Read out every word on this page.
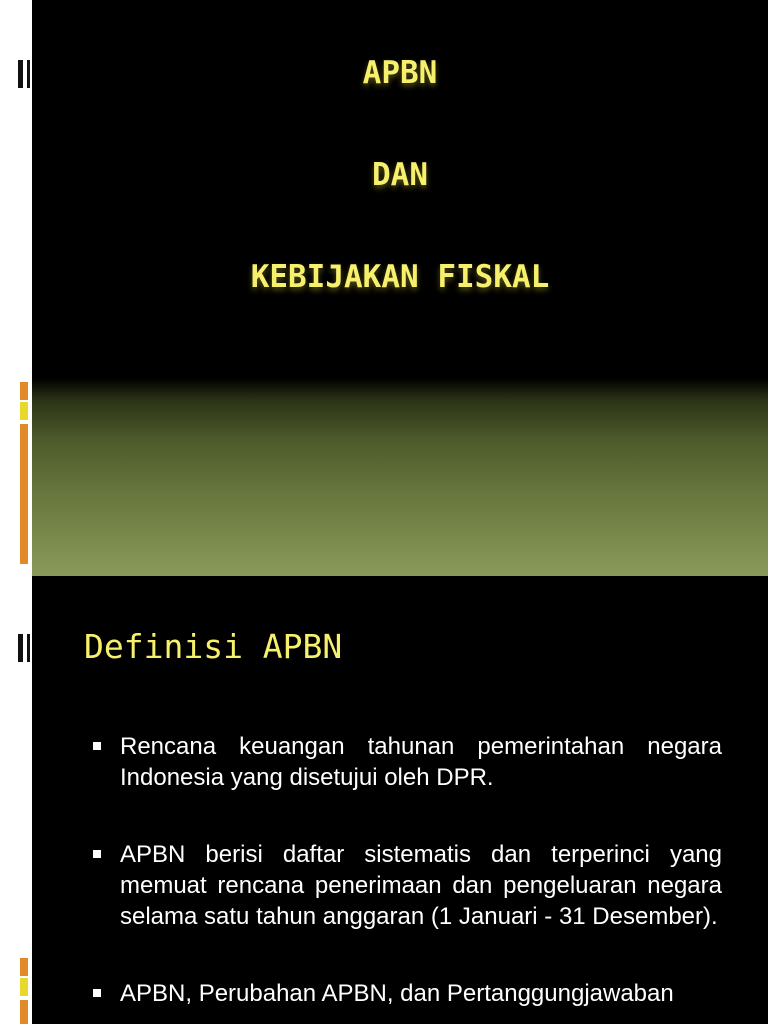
APBN
DAN
KEBIJAKAN FISKAL
Definisi APBN
Rencana keuangan tahunan pemerintahan negara Indonesia yang disetujui oleh DPR.
APBN berisi daftar sistematis dan terperinci yang memuat rencana penerimaan dan pengeluaran negara selama satu tahun anggaran (1 Januari - 31 Desember).
APBN, Perubahan APBN, dan Pertanggungjawaban
